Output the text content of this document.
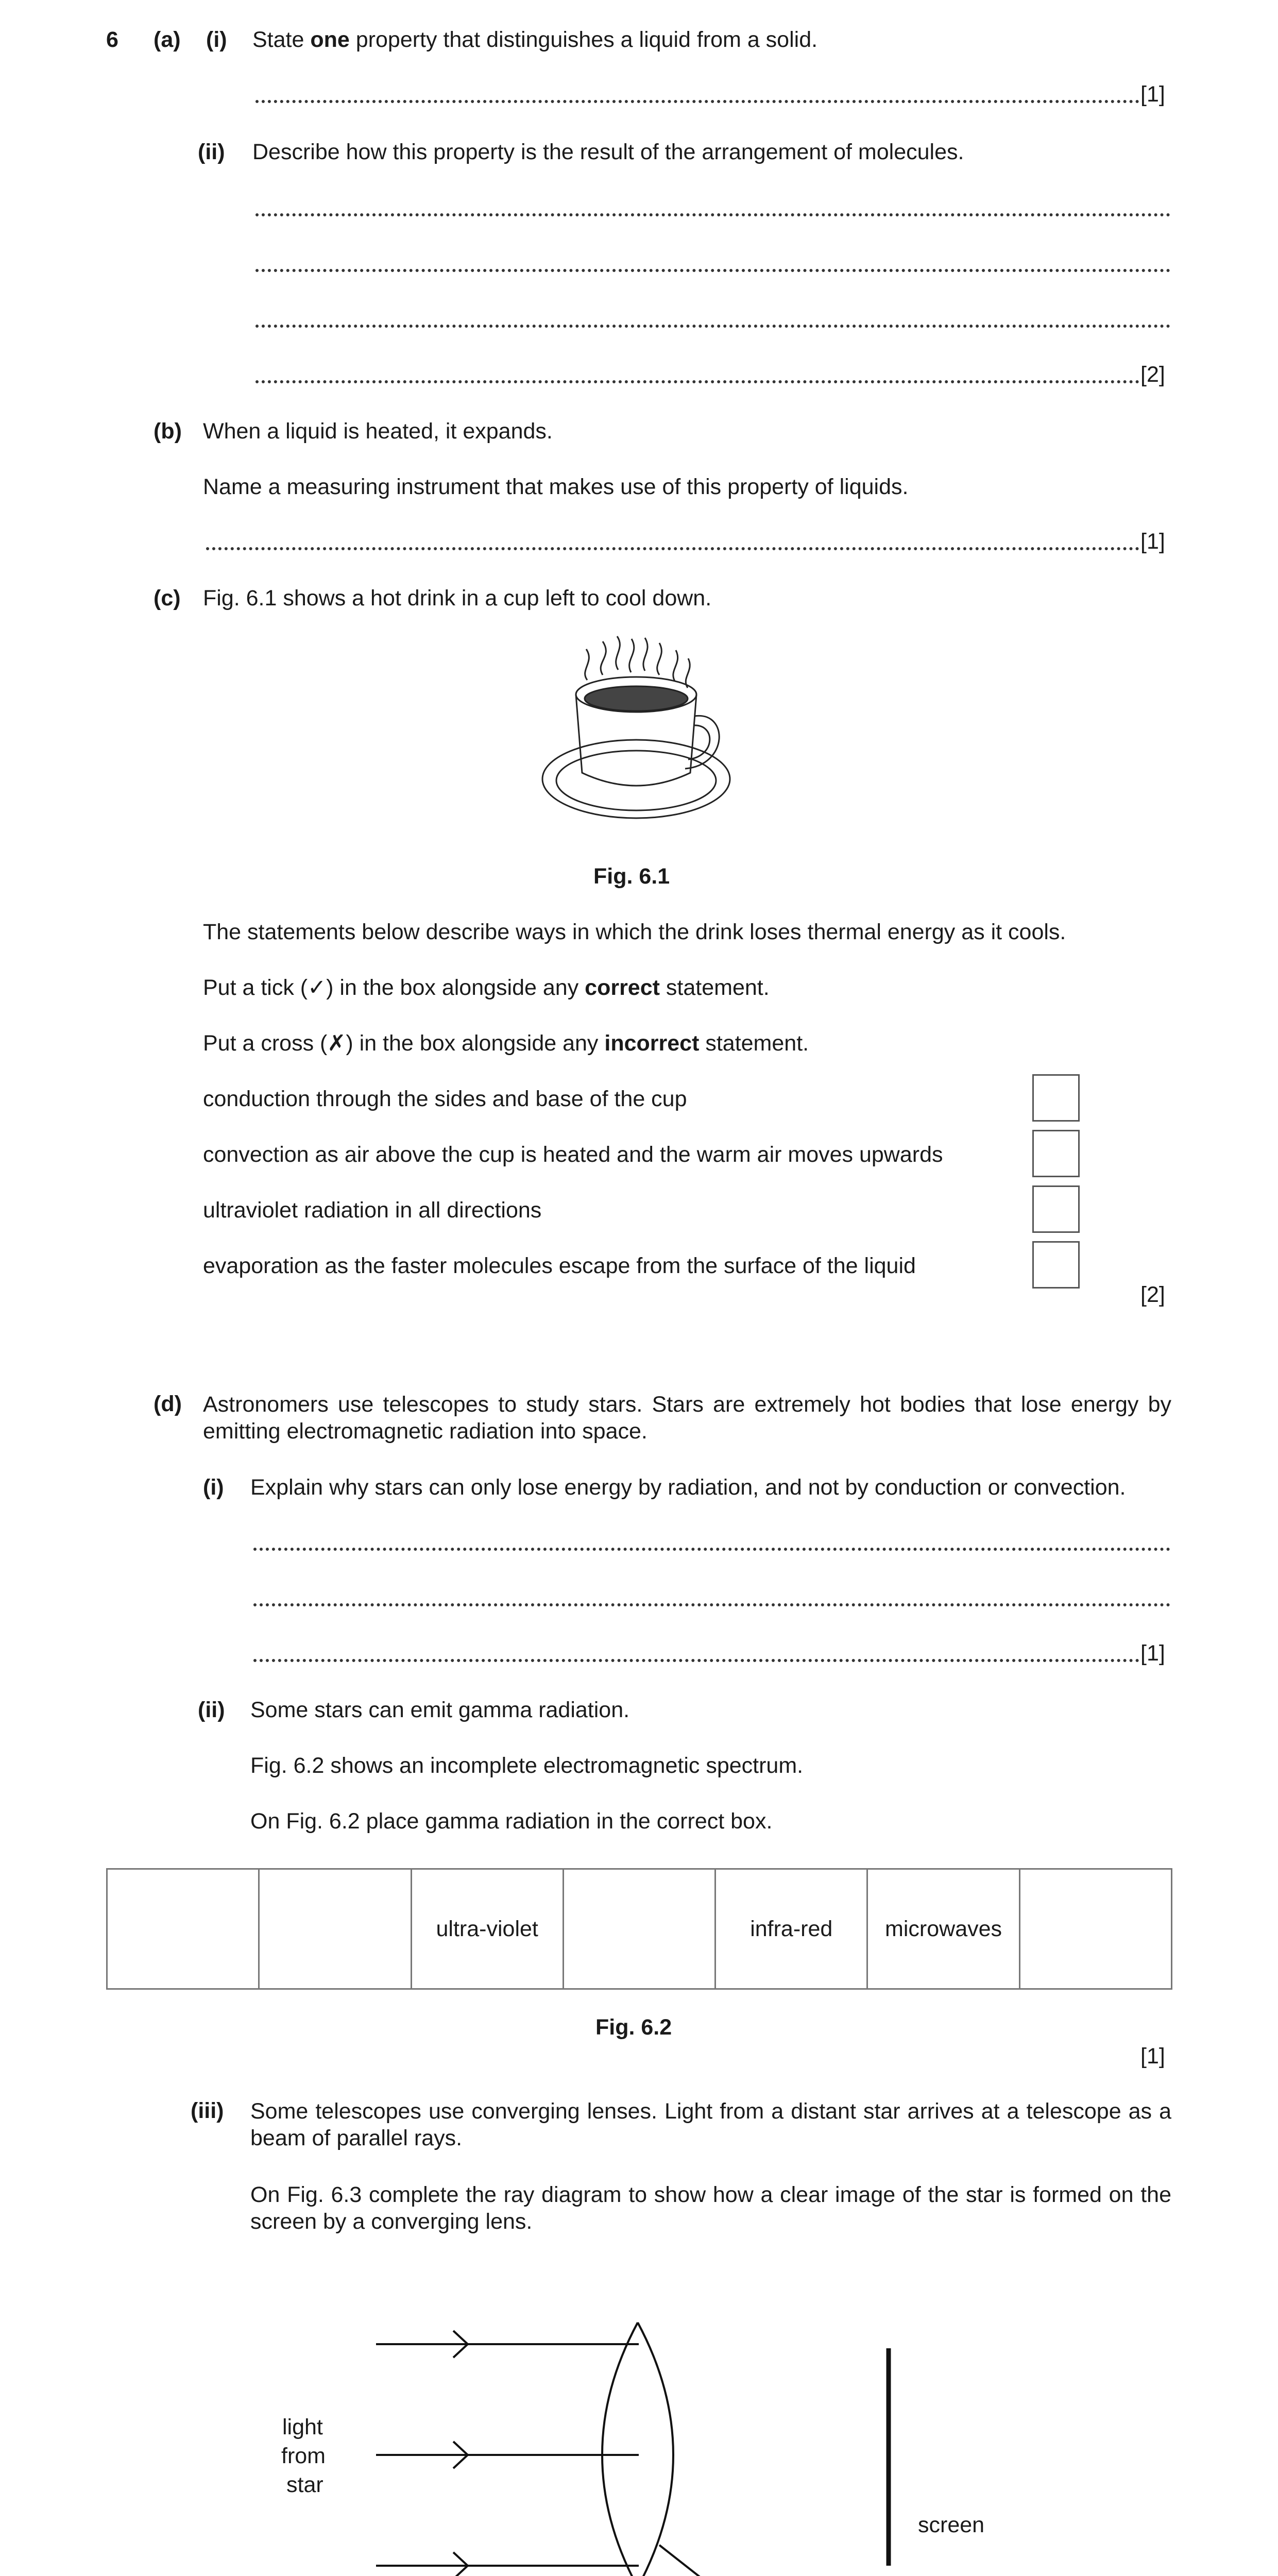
6 (a) (i) State one property that distinguishes a liquid from a solid.
[1]
(ii) Describe how this property is the result of the arrangement of molecules.
[2]
(b) When a liquid is heated, it expands.
Name a measuring instrument that makes use of this property of liquids.
[1]
(c) Fig. 6.1 shows a hot drink in a cup left to cool down.
Fig. 6.1
The statements below describe ways in which the drink loses thermal energy as it cools.
Put a tick (✓) in the box alongside any correct statement.
Put a cross (✗) in the box alongside any incorrect statement.
conduction through the sides and base of the cup
convection as air above the cup is heated and the warm air moves upwards
ultraviolet radiation in all directions
evaporation as the faster molecules escape from the surface of the liquid
[2]
(d) Astronomers use telescopes to study stars. Stars are extremely hot bodies that lose energy by emitting electromagnetic radiation into space.
(i) Explain why stars can only lose energy by radiation, and not by conduction or convection.
[1]
(ii) Some stars can emit gamma radiation.
Fig. 6.2 shows an incomplete electromagnetic spectrum.
On Fig. 6.2 place gamma radiation in the correct box.
ultra-violet	infra-red	microwaves
Fig. 6.2
[1]
(iii) Some telescopes use converging lenses. Light from a distant star arrives at a telescope as a beam of parallel rays.
On Fig. 6.3 complete the ray diagram to show how a clear image of the star is formed on the screen by a converging lens.
light
from
star
screen
